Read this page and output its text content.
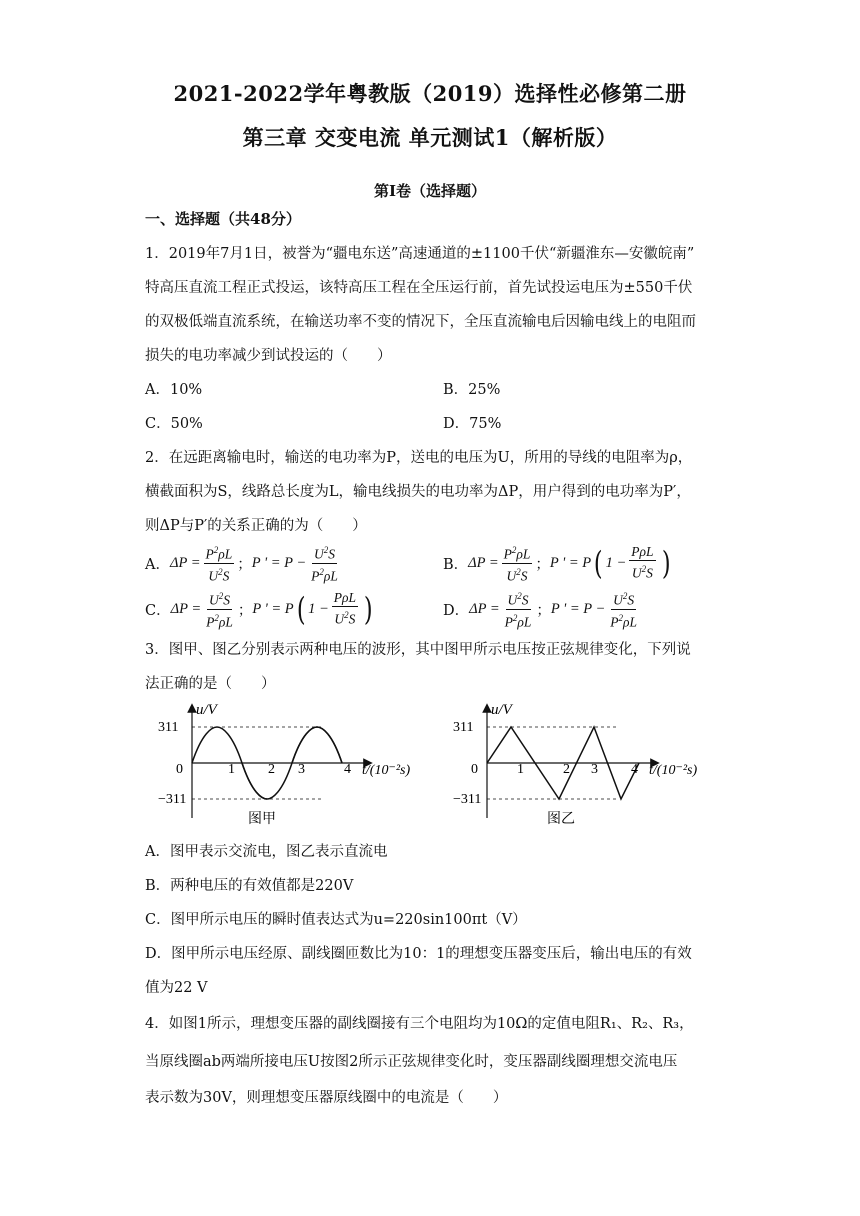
2021-2022学年粤教版（2019）选择性必修第二册
第三章 交变电流 单元测试1（解析版）
第Ⅰ卷（选择题）
一、选择题（共48分）
1．2019年7月1日，被誉为“疆电东送”高速通道的±1100千伏“新疆淮东—安徽皖南”
特高压直流工程正式投运，该特高压工程在全压运行前，首先试投运电压为±550千伏
的双极低端直流系统，在输送功率不变的情况下，全压直流输电后因输电线上的电阻而
损失的电功率减少到试投运的（　　）
A．10%	B．25%
C．50%	D．75%
2．在远距离输电时，输送的电功率为P，送电的电压为U，所用的导线的电阻率为ρ，
横截面积为S，线路总长度为L，输电线损失的电功率为ΔP，用户得到的电功率为P′，
则ΔP与P′的关系正确的为（　　）
A． $\Delta P = \frac{P^2\rho L}{U^2S}$ ； P ' = $P - \frac{U^2S}{P^2\rho L}$	B． $\Delta P = \frac{P^2\rho L}{U^2S}$ ； P ' = P ( $1 - \frac{\text{PρL}}{U^2S}$ )
C． $\Delta P = \frac{U^2S}{P^2\rho L}$ ； P ' = P ( $1 - \frac{\text{PρL}}{U^2S}$ )	D． $\Delta P = \frac{U^2S}{P^2\rho L}$ ； P ' = $P - \frac{U^2S}{P^2\rho L}$
3．图甲、图乙分别表示两种电压的波形，其中图甲所示电压按正弦规律变化，下列说
法正确的是（　　）
u/V
311
−311
0	1 2 3	4 t/(10⁻²s)
图甲
u/V
311
−311
0	1	2 3 4 t/(10⁻²s)
图乙
A．图甲表示交流电，图乙表示直流电
B．两种电压的有效值都是220V
C．图甲所示电压的瞬时值表达式为u=220sin100πt（V）
D．图甲所示电压经原、副线圈匝数比为10：1的理想变压器变压后，输出电压的有效
值为22 V
4．如图1所示，理想变压器的副线圈接有三个电阻均为10Ω的定值电阻R₁、R₂、R₃，
当原线圈ab两端所接电压U按图2所示正弦规律变化时，变压器副线圈理想交流电压
表示数为30V，则理想变压器原线圈中的电流是（　　）
